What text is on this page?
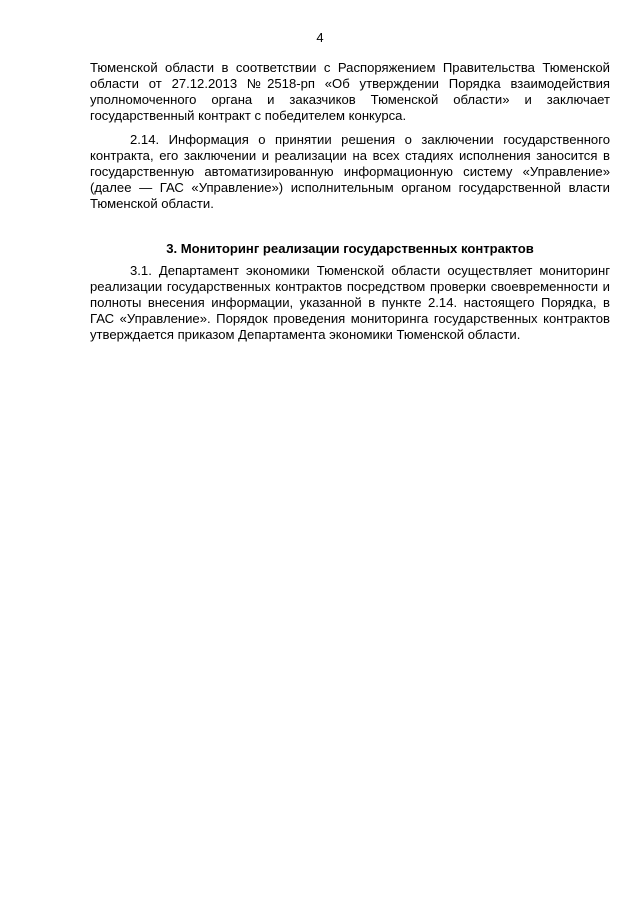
4

Тюменской области в соответствии с Распоряжением Правительства Тюменской области от 27.12.2013 №2518-рп «Об утверждении Порядка взаимодействия уполномоченного органа и заказчиков Тюменской области» и заключает государственный контракт с победителем конкурса.

2.14. Информация о принятии решения о заключении государственного контракта, его заключении и реализации на всех стадиях исполнения заносится в государственную автоматизированную информационную систему «Управление» (далее — ГАС «Управление») исполнительным органом государственной власти Тюменской области.

3. Мониторинг реализации государственных контрактов

3.1. Департамент экономики Тюменской области осуществляет мониторинг реализации государственных контрактов посредством проверки своевременности и полноты внесения информации, указанной в пункте 2.14. настоящего Порядка, в ГАС «Управление». Порядок проведения мониторинга государственных контрактов утверждается приказом Департамента экономики Тюменской области.
